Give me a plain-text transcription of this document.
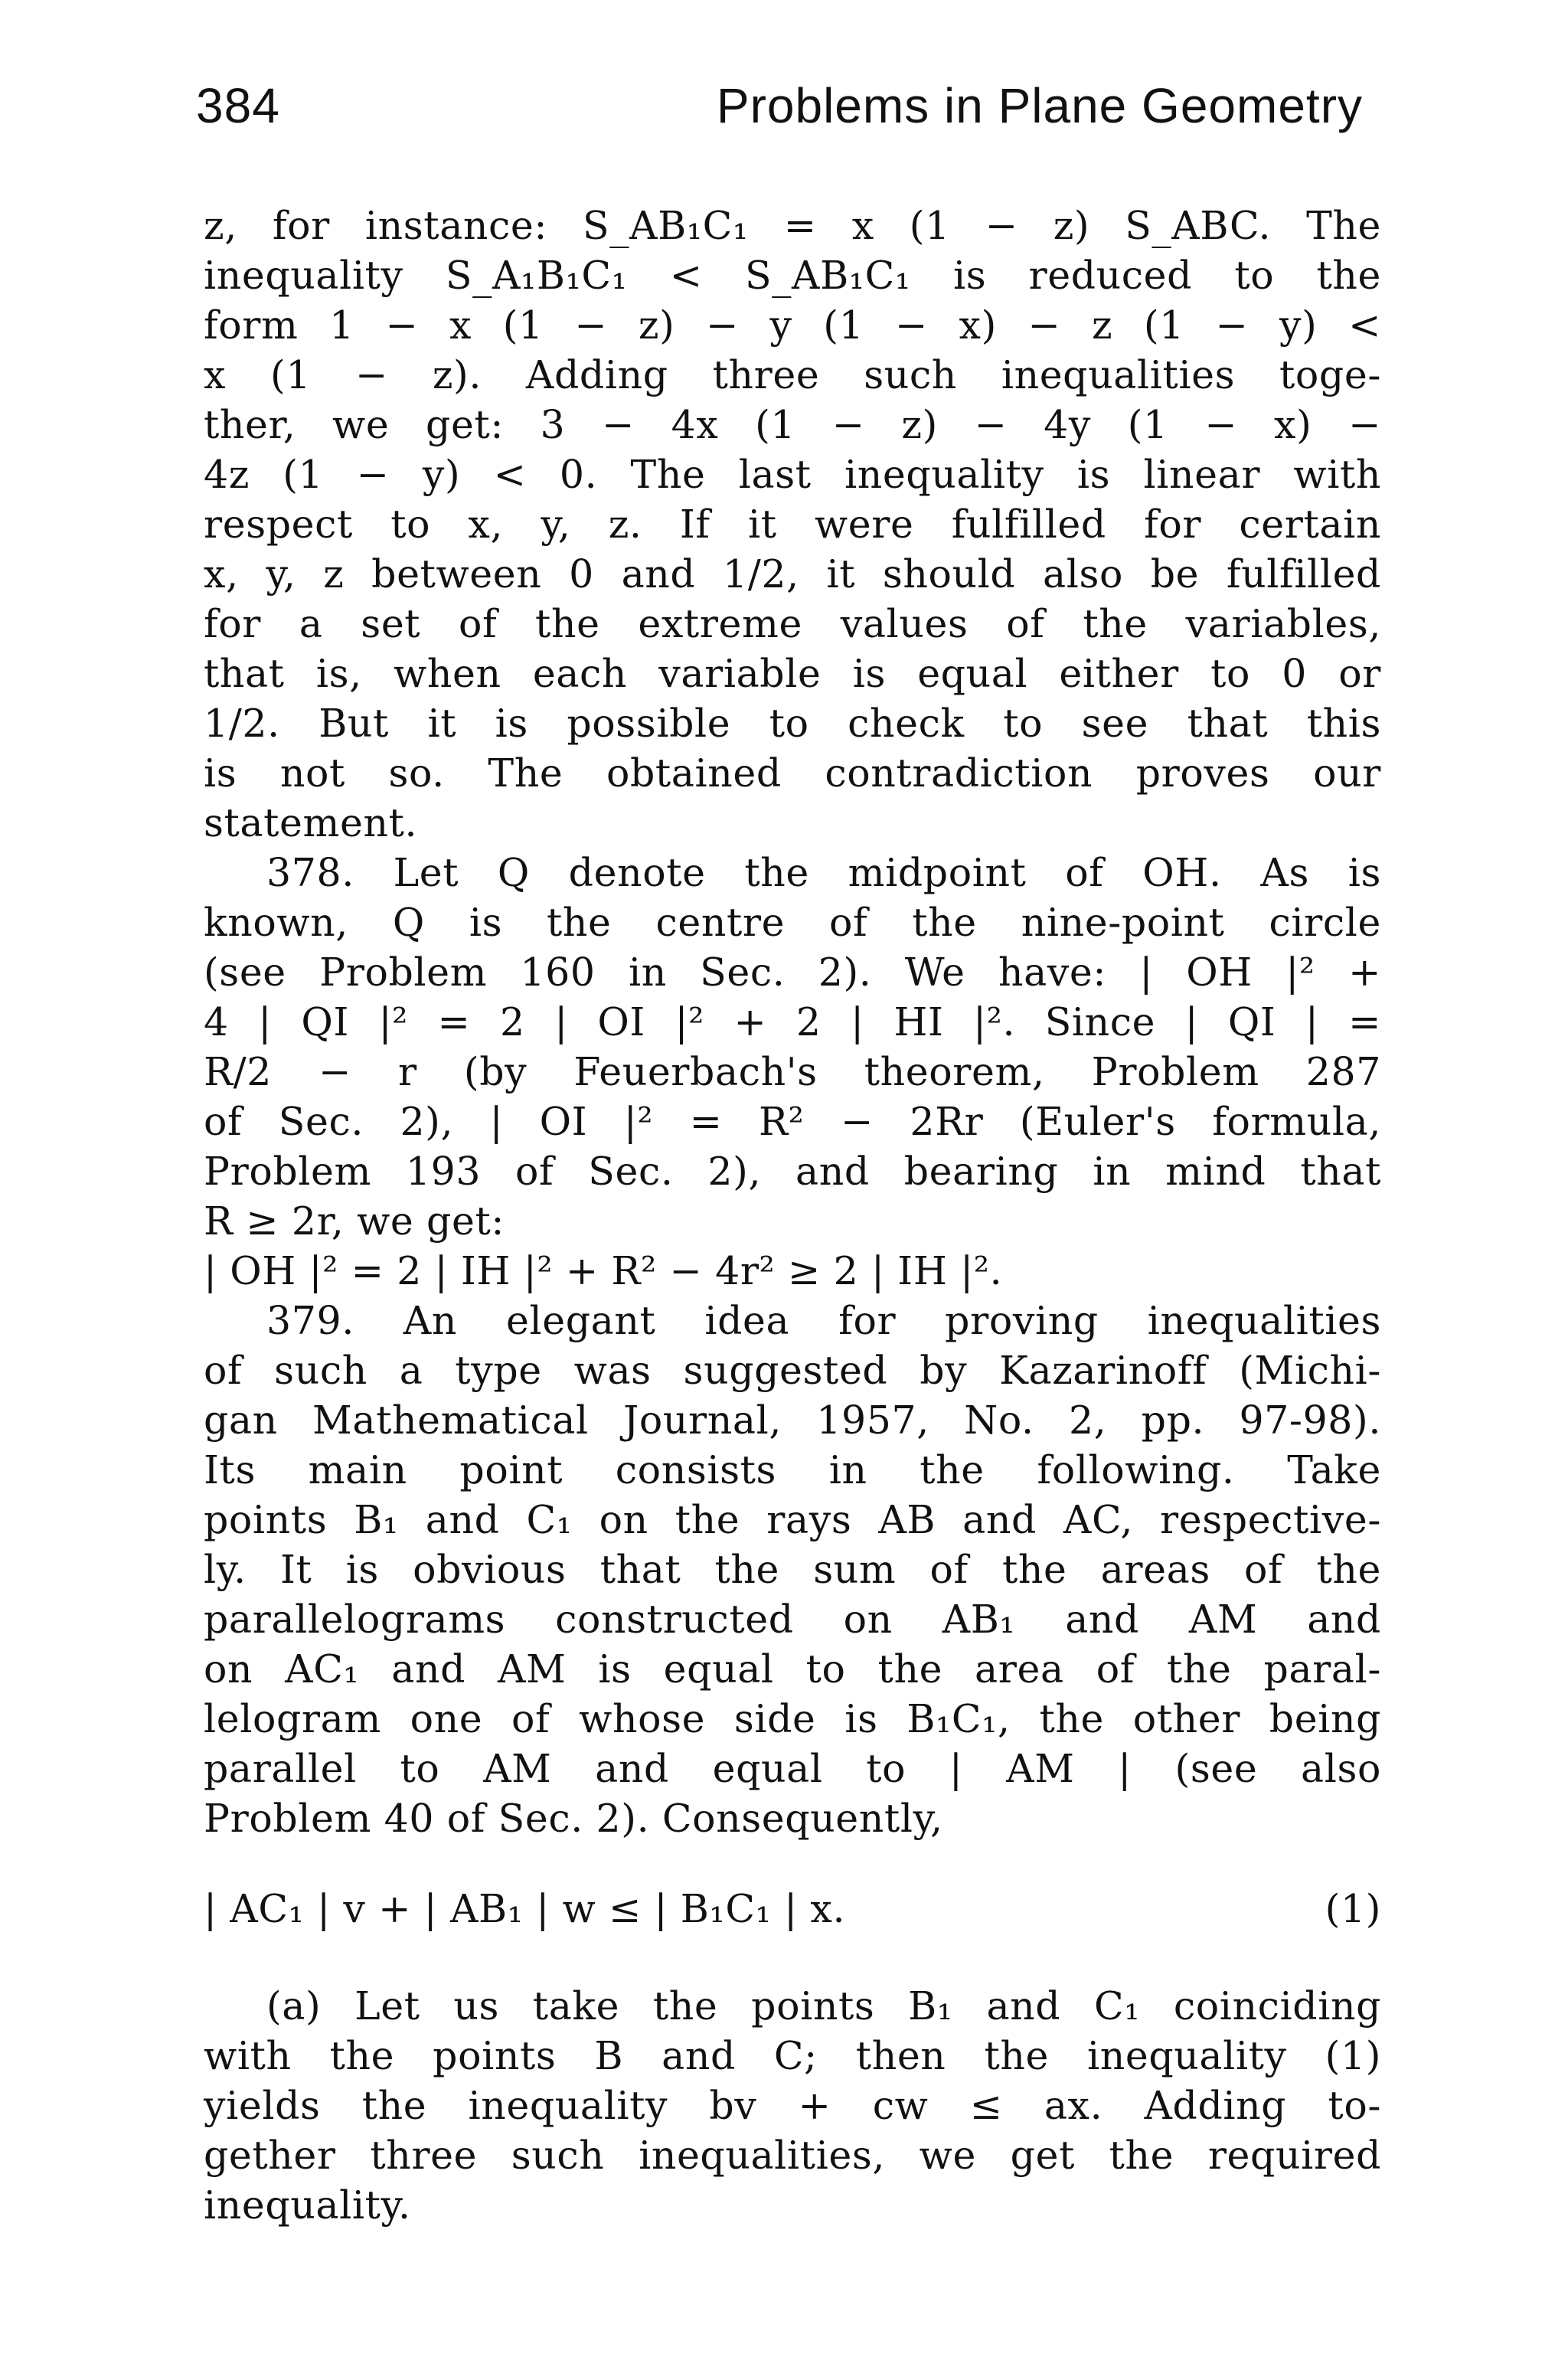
384	Problems in Plane Geometry
z, for instance: S_AB₁C₁ = x (1 − z) S_ABC. The
inequality S_A₁B₁C₁ < S_AB₁C₁ is reduced to the
form 1 − x (1 − z) − y (1 − x) − z (1 − y) <
x (1 − z). Adding three such inequalities toge-
ther, we get: 3 − 4x (1 − z) − 4y (1 − x) −
4z (1 − y) < 0. The last inequality is linear with
respect to x, y, z. If it were fulfilled for certain
x, y, z between 0 and 1/2, it should also be fulfilled
for a set of the extreme values of the variables,
that is, when each variable is equal either to 0 or
1/2. But it is possible to check to see that this
is not so. The obtained contradiction proves our
statement.
378. Let Q denote the midpoint of OH. As is
known, Q is the centre of the nine-point circle
(see Problem 160 in Sec. 2). We have: | OH |² +
4 | QI |² = 2 | OI |² + 2 | HI |². Since | QI | =
R/2 − r (by Feuerbach's theorem, Problem 287
of Sec. 2), | OI |² = R² − 2Rr (Euler's formula,
Problem 193 of Sec. 2), and bearing in mind that
R ≥ 2r, we get:
| OH |² = 2 | IH |² + R² − 4r² ≥ 2 | IH |².
379. An elegant idea for proving inequalities
of such a type was suggested by Kazarinoff (Michi-
gan Mathematical Journal, 1957, No. 2, pp. 97-98).
Its main point consists in the following. Take
points B₁ and C₁ on the rays AB and AC, respective-
ly. It is obvious that the sum of the areas of the
parallelograms constructed on AB₁ and AM and
on AC₁ and AM is equal to the area of the paral-
lelogram one of whose side is B₁C₁, the other being
parallel to AM and equal to | AM | (see also
Problem 40 of Sec. 2). Consequently,
| AC₁ | v + | AB₁ | w ≤ | B₁C₁ | x.	(1)
(a) Let us take the points B₁ and C₁ coinciding
with the points B and C; then the inequality (1)
yields the inequality bv + cw ≤ ax. Adding to-
gether three such inequalities, we get the required
inequality.
